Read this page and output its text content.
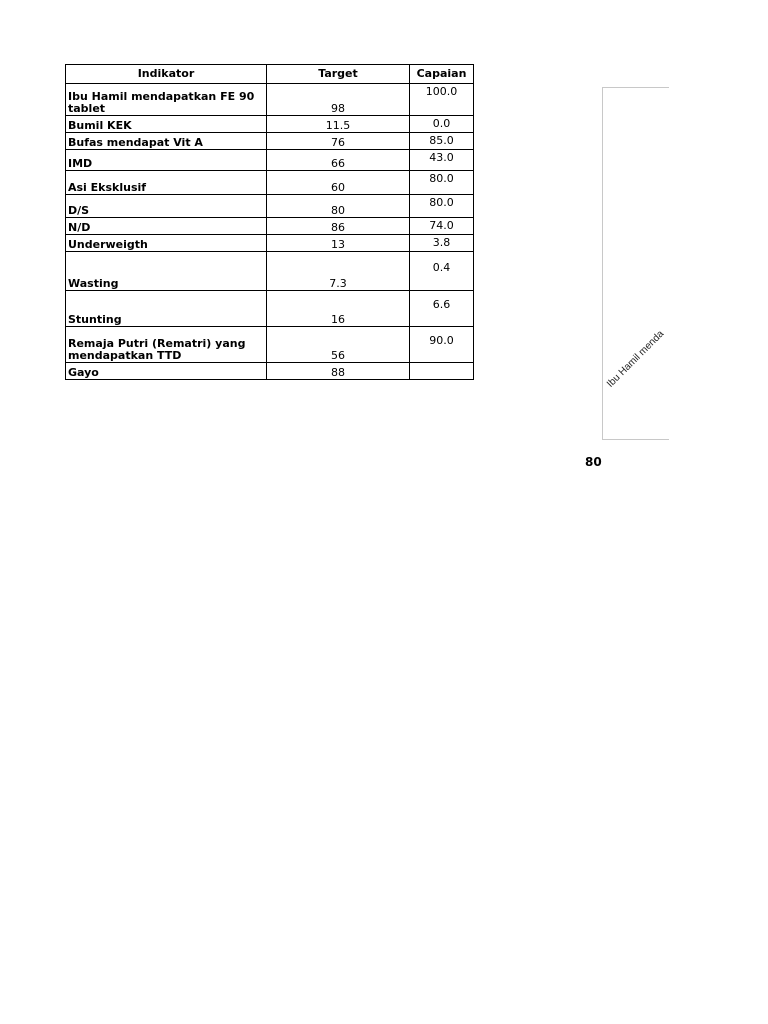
Indikator	Target	Capaian
Ibu Hamil mendapatkan FE 90 tablet	98	100.0
Bumil KEK	11.5	0.0
Bufas mendapat Vit A	76	85.0
IMD	66	43.0
Asi Eksklusif	60	80.0
D/S	80	80.0
N/D	86	74.0
Underweigth	13	3.8
Wasting	7.3	0.4
Stunting	16	6.6
Remaja Putri (Rematri) yang mendapatkan TTD	56	90.0
Gayo	88		Ibu Hamil menda
80
